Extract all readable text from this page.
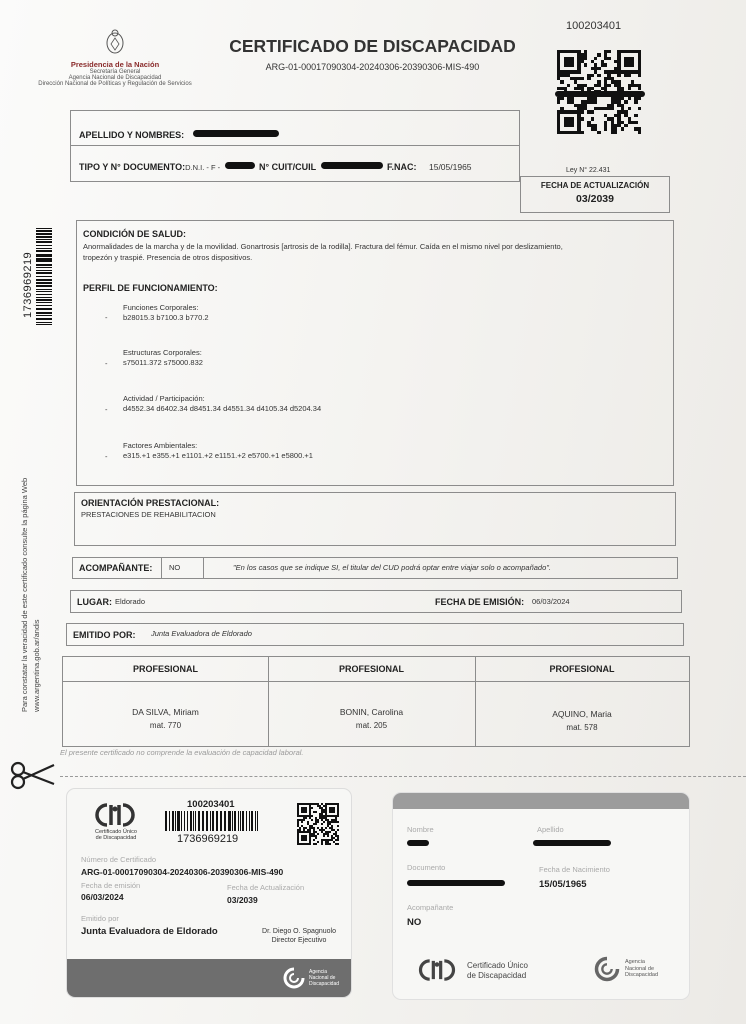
100203401
Presidencia de la Nación
Secretaría General
Agencia Nacional de Discapacidad
Dirección Nacional de Políticas y Regulación de Servicios
CERTIFICADO DE DISCAPACIDAD
ARG-01-00017090304-20240306-20390306-MIS-490
APELLIDO Y NOMBRES:
TIPO Y N° DOCUMENTO:D.N.I. - F -	N° CUIT/CUIL	F.NAC: 15/05/1965	Ley N° 22.431
FECHA DE ACTUALIZACIÓN
03/2039
1736969219
Para constatar la veracidad de este certificado consulte la página Web www.argentina.gob.ar/andis
CONDICIÓN DE SALUD:
Anormalidades de la marcha y de la movilidad. Gonartrosis [artrosis de la rodilla]. Fractura del fémur. Caída en el mismo nivel por deslizamiento, tropezón y traspié. Presencia de otros dispositivos.
PERFIL DE FUNCIONAMIENTO:
-
Funciones Corporales:
b28015.3 b7100.3 b770.2
-
Estructuras Corporales:
s75011.372 s75000.832
-
Actividad / Participación:
d4552.34 d6402.34 d8451.34 d4551.34 d4105.34 d5204.34
-
Factores Ambientales:
e315.+1 e355.+1 e1101.+2 e1151.+2 e5700.+1 e5800.+1
ORIENTACIÓN PRESTACIONAL:
PRESTACIONES DE REHABILITACION
ACOMPAÑANTE: NO	"En los casos que se indique SI, el titular del CUD podrá optar entre viajar solo o acompañado".
LUGAR: Eldorado	FECHA DE EMISIÓN: 06/03/2024
EMITIDO POR: Junta Evaluadora de Eldorado
PROFESIONAL	PROFESIONAL	PROFESIONAL
DA SILVA, Miriam
mat. 770
BONIN, Carolina
mat. 205
AQUINO, Maria
mat. 578
El presente certificado no comprende la evaluación de capacidad laboral.
Certificado Único
de Discapacidad
100203401
1736969219
Número de Certificado
ARG-01-00017090304-20240306-20390306-MIS-490
Fecha de emisión
06/03/2024
Fecha de Actualización
03/2039
Emitido por
Junta Evaluadora de Eldorado	Dr. Diego O. Spagnuolo
Director Ejecutivo
Agencia
Nacional de
Discapacidad
Nombre	Apellido
Documento	Fecha de Nacimiento
15/05/1965
Acompañante
NO
Certificado Único
de Discapacidad
Agencia
Nacional de
Discapacidad
